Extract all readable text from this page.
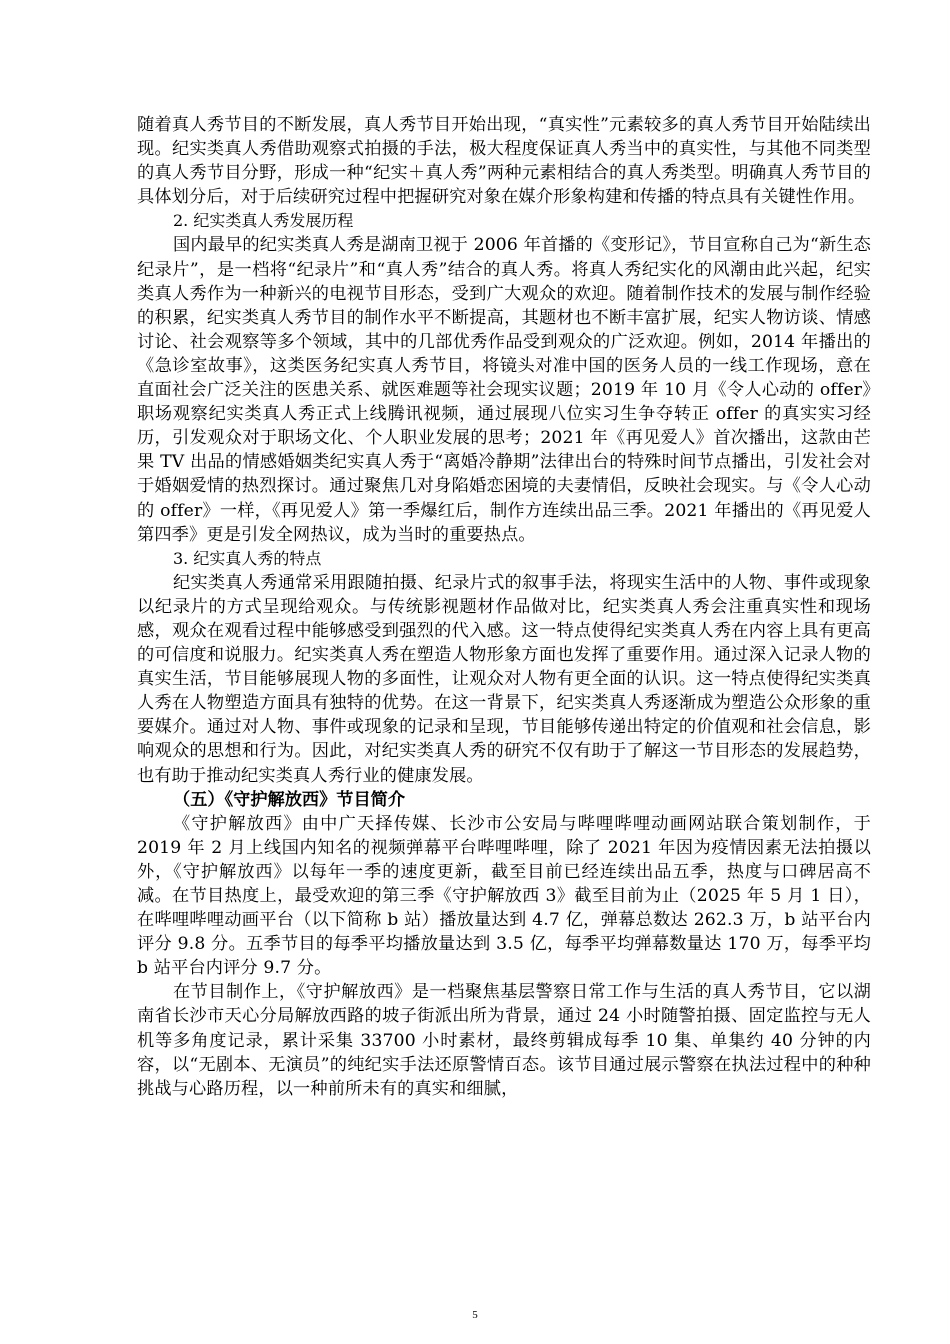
随着真人秀节目的不断发展，真人秀节目开始出现，“真实性”元素较多的真人秀节目开始陆续出现。纪实类真人秀借助观察式拍摄的手法，极大程度保证真人秀当中的真实性，与其他不同类型的真人秀节目分野，形成一种“纪实＋真人秀”两种元素相结合的真人秀类型。明确真人秀节目的具体划分后，对于后续研究过程中把握研究对象在媒介形象构建和传播的特点具有关键性作用。

2. 纪实类真人秀发展历程

国内最早的纪实类真人秀是湖南卫视于 2006 年首播的《变形记》，节目宣称自己为“新生态纪录片”，是一档将“纪录片”和“真人秀”结合的真人秀。将真人秀纪实化的风潮由此兴起，纪实类真人秀作为一种新兴的电视节目形态，受到广大观众的欢迎。随着制作技术的发展与制作经验的积累，纪实类真人秀节目的制作水平不断提高，其题材也不断丰富扩展，纪实人物访谈、情感讨论、社会观察等多个领域，其中的几部优秀作品受到观众的广泛欢迎。例如，2014 年播出的《急诊室故事》，这类医务纪实真人秀节目，将镜头对准中国的医务人员的一线工作现场，意在直面社会广泛关注的医患关系、就医难题等社会现实议题；2019 年 10 月《令人心动的 offer》职场观察纪实类真人秀正式上线腾讯视频，通过展现八位实习生争夺转正 offer 的真实实习经历，引发观众对于职场文化、个人职业发展的思考；2021 年《再见爱人》首次播出，这款由芒果 TV 出品的情感婚姻类纪实真人秀于“离婚冷静期”法律出台的特殊时间节点播出，引发社会对于婚姻爱情的热烈探讨。通过聚焦几对身陷婚恋困境的夫妻情侣，反映社会现实。与《令人心动的 offer》一样，《再见爱人》第一季爆红后，制作方连续出品三季。2021 年播出的《再见爱人第四季》更是引发全网热议，成为当时的重要热点。

3. 纪实真人秀的特点

纪实类真人秀通常采用跟随拍摄、纪录片式的叙事手法，将现实生活中的人物、事件或现象以纪录片的方式呈现给观众。与传统影视题材作品做对比，纪实类真人秀会注重真实性和现场感，观众在观看过程中能够感受到强烈的代入感。这一特点使得纪实类真人秀在内容上具有更高的可信度和说服力。纪实类真人秀在塑造人物形象方面也发挥了重要作用。通过深入记录人物的真实生活，节目能够展现人物的多面性，让观众对人物有更全面的认识。这一特点使得纪实类真人秀在人物塑造方面具有独特的优势。在这一背景下，纪实类真人秀逐渐成为塑造公众形象的重要媒介。通过对人物、事件或现象的记录和呈现，节目能够传递出特定的价值观和社会信息，影响观众的思想和行为。因此，对纪实类真人秀的研究不仅有助于了解这一节目形态的发展趋势，也有助于推动纪实类真人秀行业的健康发展。

（五）《守护解放西》节目简介

《守护解放西》由中广天择传媒、长沙市公安局与哔哩哔哩动画网站联合策划制作，于 2019 年 2 月上线国内知名的视频弹幕平台哔哩哔哩，除了 2021 年因为疫情因素无法拍摄以外，《守护解放西》以每年一季的速度更新，截至目前已经连续出品五季，热度与口碑居高不减。在节目热度上，最受欢迎的第三季《守护解放西 3》截至目前为止（2025 年 5 月 1 日），在哔哩哔哩动画平台（以下简称 b 站）播放量达到 4.7 亿，弹幕总数达 262.3 万，b 站平台内评分 9.8 分。五季节目的每季平均播放量达到 3.5 亿，每季平均弹幕数量达 170 万，每季平均 b 站平台内评分 9.7 分。

在节目制作上，《守护解放西》是一档聚焦基层警察日常工作与生活的真人秀节目，它以湖南省长沙市天心分局解放西路的坡子街派出所为背景，通过 24 小时随警拍摄、固定监控与无人机等多角度记录，累计采集 33700 小时素材，最终剪辑成每季 10 集、单集约 40 分钟的内容，以“无剧本、无演员”的纯纪实手法还原警情百态。该节目通过展示警察在执法过程中的种种挑战与心路历程，以一种前所未有的真实和细腻，

5
